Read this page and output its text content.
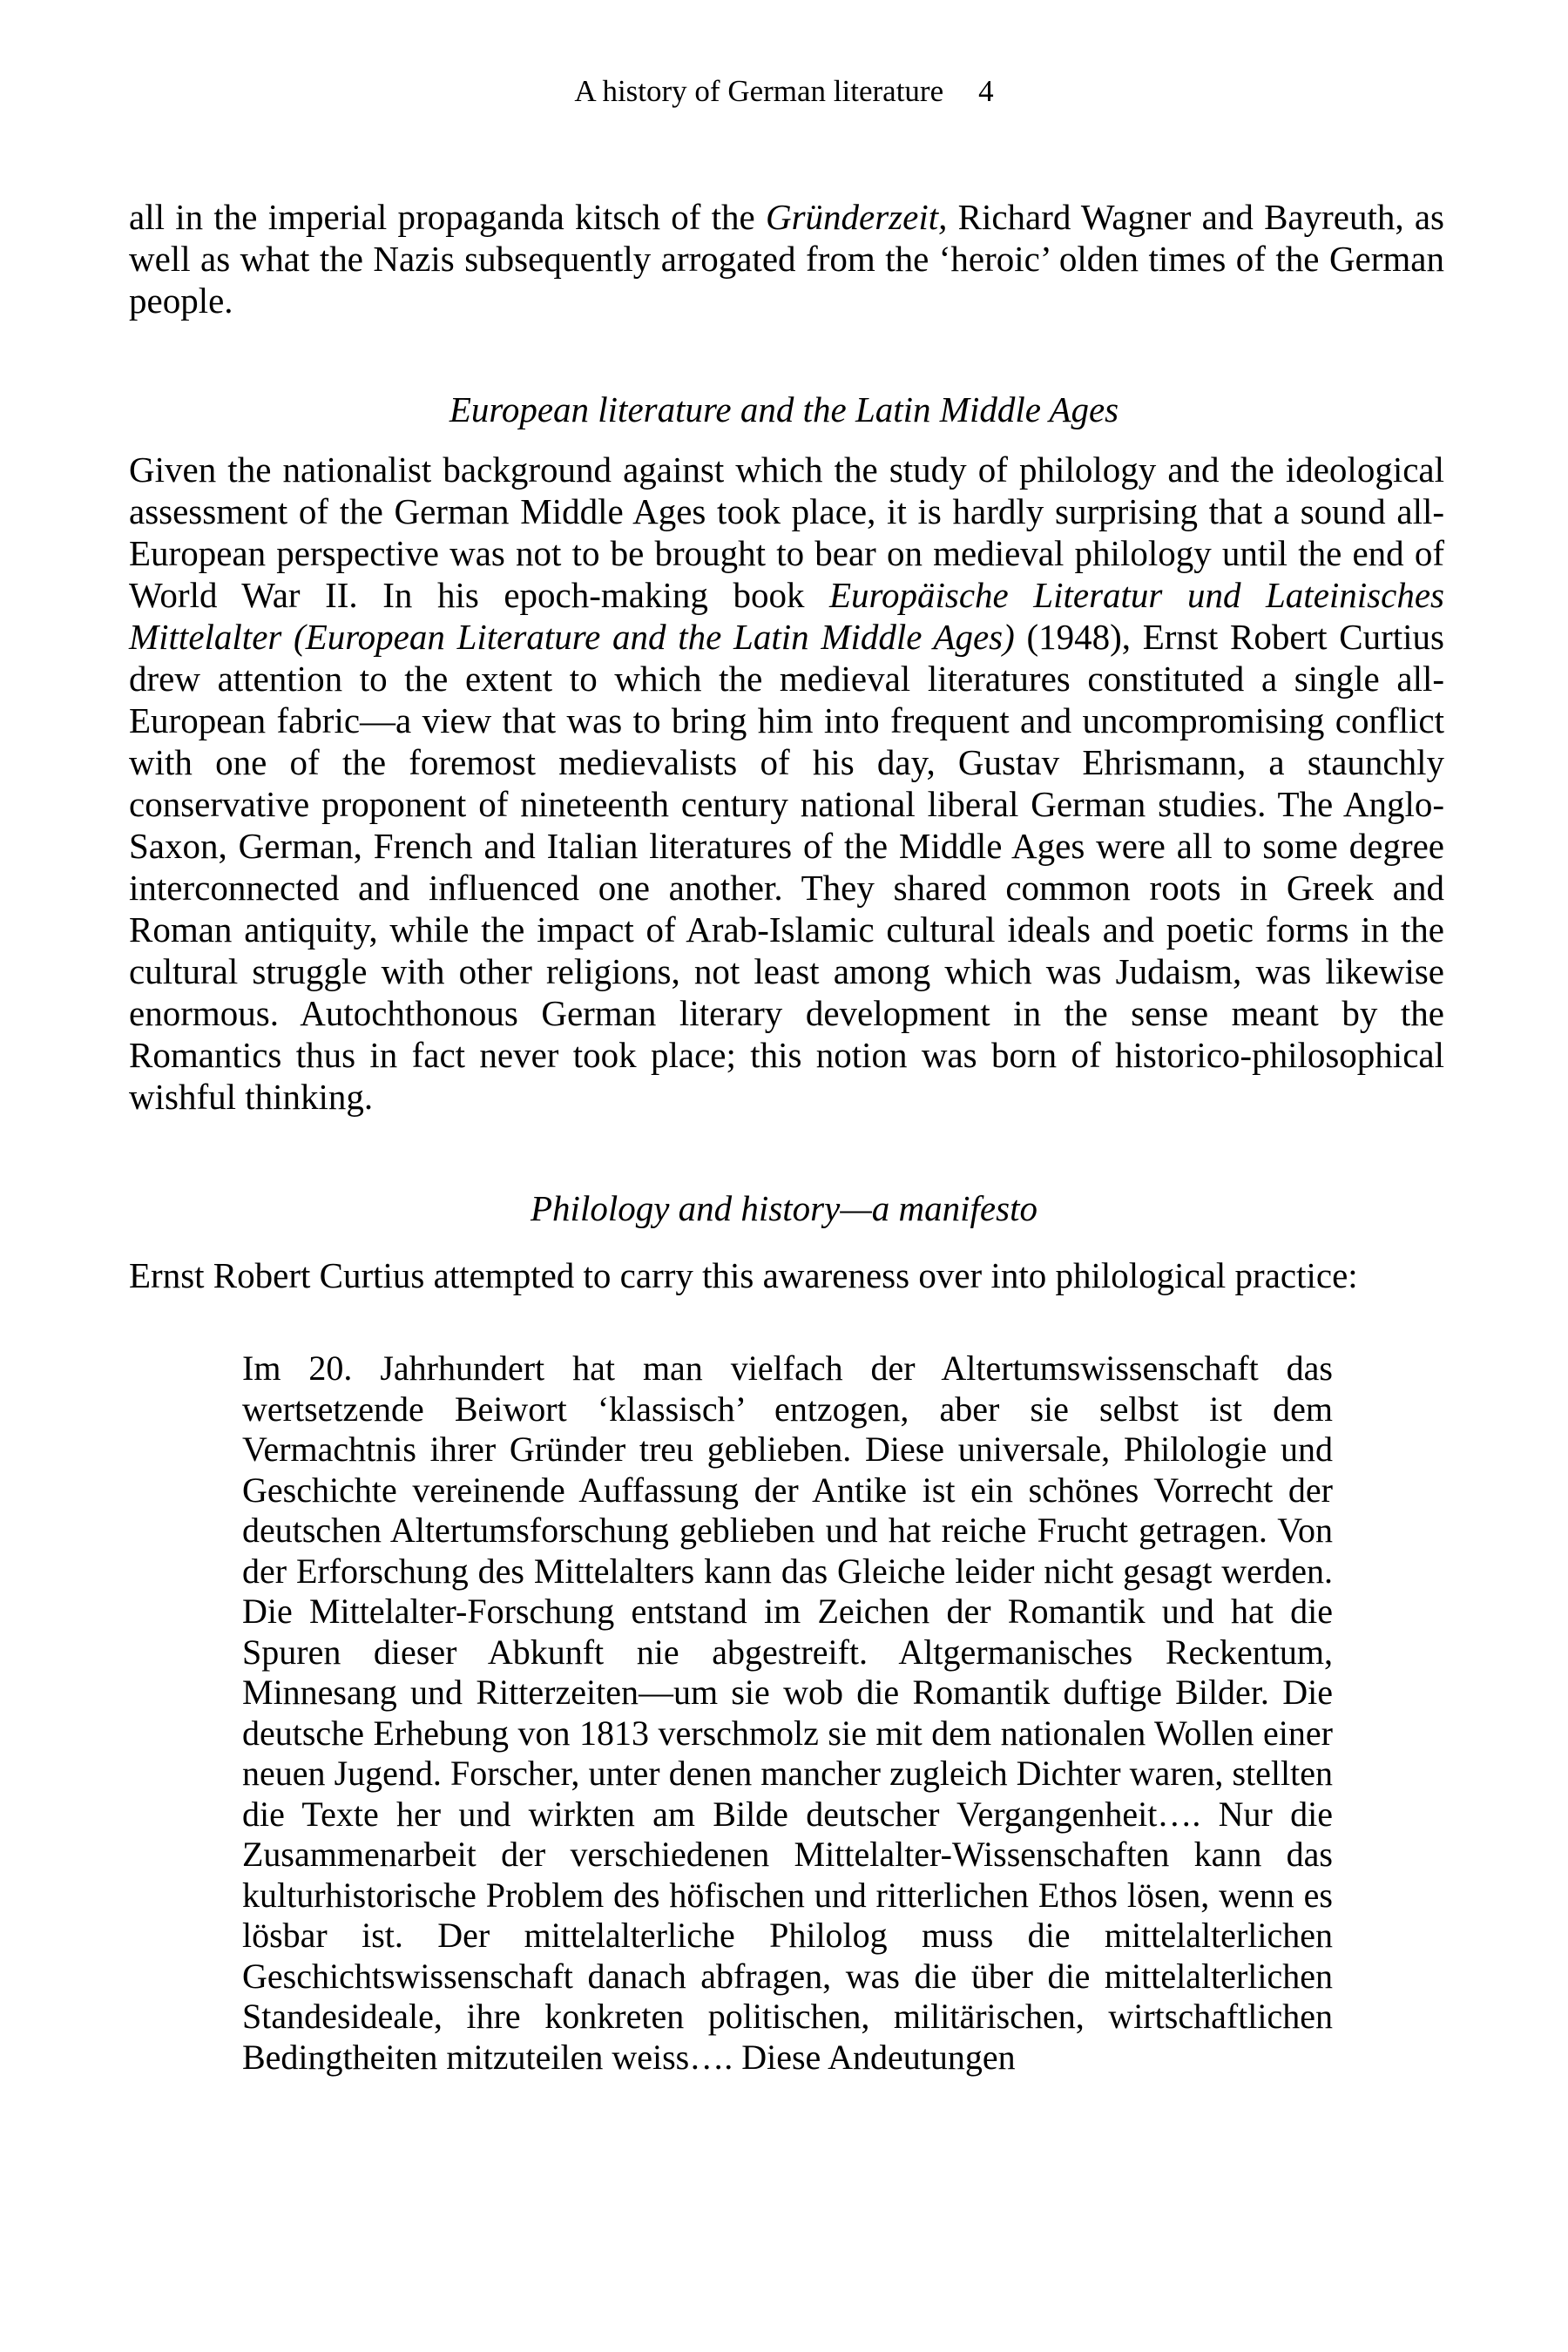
A history of German literature 4
all in the imperial propaganda kitsch of the Gründerzeit, Richard Wagner and Bayreuth, as well as what the Nazis subsequently arrogated from the ‘heroic’ olden times of the German people.
European literature and the Latin Middle Ages
Given the nationalist background against which the study of philology and the ideological assessment of the German Middle Ages took place, it is hardly surprising that a sound all-European perspective was not to be brought to bear on medieval philology until the end of World War II. In his epoch-making book Europäische Literatur und Lateinisches Mittelalter (European Literature and the Latin Middle Ages) (1948), Ernst Robert Curtius drew attention to the extent to which the medieval literatures constituted a single all-European fabric—a view that was to bring him into frequent and uncompromising conflict with one of the foremost medievalists of his day, Gustav Ehrismann, a staunchly conservative proponent of nineteenth century national liberal German studies. The Anglo-Saxon, German, French and Italian literatures of the Middle Ages were all to some degree interconnected and influenced one another. They shared common roots in Greek and Roman antiquity, while the impact of Arab-Islamic cultural ideals and poetic forms in the cultural struggle with other religions, not least among which was Judaism, was likewise enormous. Autochthonous German literary development in the sense meant by the Romantics thus in fact never took place; this notion was born of historico-philosophical wishful thinking.
Philology and history—a manifesto
Ernst Robert Curtius attempted to carry this awareness over into philological practice:
Im 20. Jahrhundert hat man vielfach der Altertumswissenschaft das wertsetzende Beiwort ‘klassisch’ entzogen, aber sie selbst ist dem Vermachtnis ihrer Gründer treu geblieben. Diese universale, Philologie und Geschichte vereinende Auffassung der Antike ist ein schönes Vorrecht der deutschen Altertumsforschung geblieben und hat reiche Frucht getragen. Von der Erforschung des Mittelalters kann das Gleiche leider nicht gesagt werden. Die Mittelalter-Forschung entstand im Zeichen der Romantik und hat die Spuren dieser Abkunft nie abgestreift. Altgermanisches Reckentum, Minnesang und Ritterzeiten—um sie wob die Romantik duftige Bilder. Die deutsche Erhebung von 1813 verschmolz sie mit dem nationalen Wollen einer neuen Jugend. Forscher, unter denen mancher zugleich Dichter waren, stellten die Texte her und wirkten am Bilde deutscher Vergangenheit…. Nur die Zusammenarbeit der verschiedenen Mittelalter-Wissenschaften kann das kulturhistorische Problem des höfischen und ritterlichen Ethos lösen, wenn es lösbar ist. Der mittelalterliche Philolog muss die mittelalterlichen Geschichtswissenschaft danach abfragen, was die über die mittelalterlichen Standesideale, ihre konkreten politischen, militärischen, wirtschaftlichen Bedingtheiten mitzuteilen weiss…. Diese Andeutungen
